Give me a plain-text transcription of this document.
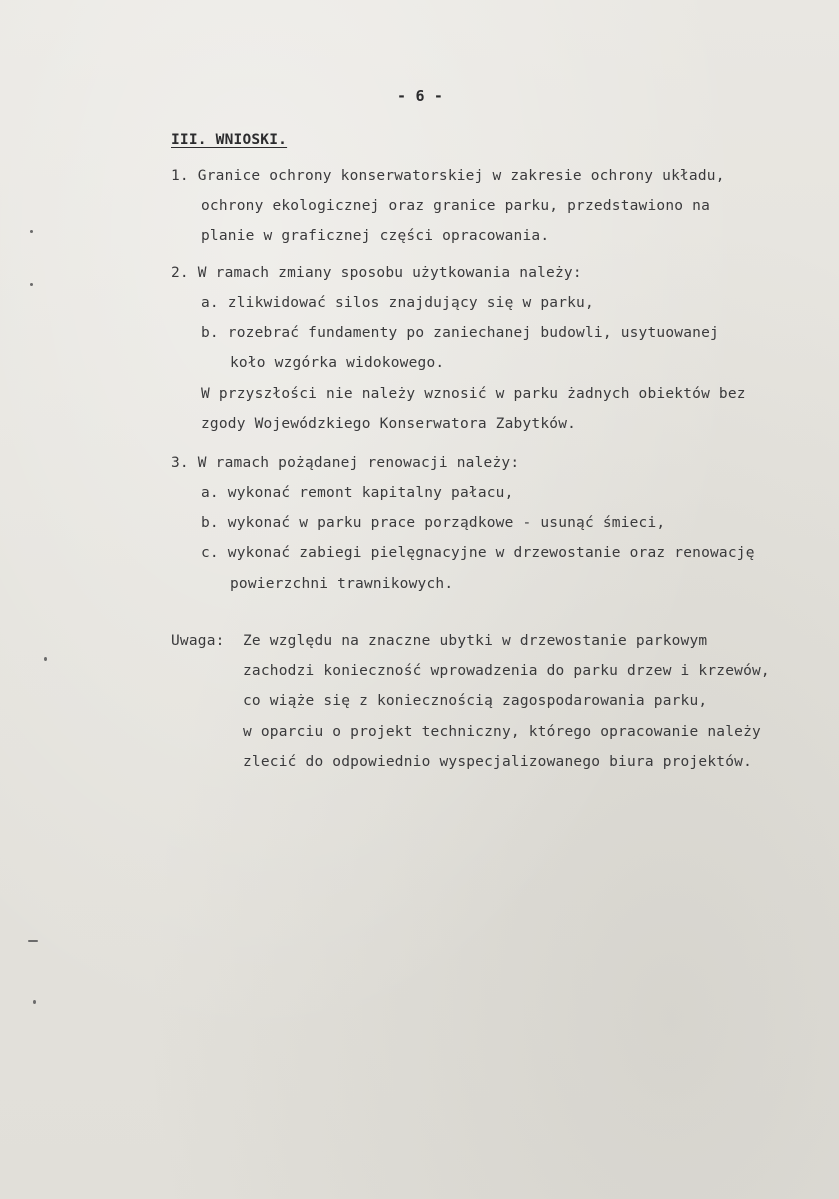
- 6 -
III. WNIOSKI.
1. Granice ochrony konserwatorskiej w zakresie ochrony układu,
ochrony ekologicznej oraz granice parku, przedstawiono na
planie w graficznej części opracowania.
2. W ramach zmiany sposobu użytkowania należy:
a. zlikwidować silos znajdujący się w parku,
b. rozebrać fundamenty po zaniechanej budowli, usytuowanej
koło wzgórka widokowego.
W przyszłości nie należy wznosić w parku żadnych obiektów bez
zgody Wojewódzkiego Konserwatora Zabytków.
3. W ramach pożądanej renowacji należy:
a. wykonać remont kapitalny pałacu,
b. wykonać w parku prace porządkowe - usunąć śmieci,
c. wykonać zabiegi pielęgnacyjne w drzewostanie oraz renowację
powierzchni trawnikowych.
Uwaga: Ze względu na znaczne ubytki w drzewostanie parkowym
zachodzi konieczność wprowadzenia do parku drzew i krzewów,
co wiąże się z koniecznością zagospodarowania parku,
w oparciu o projekt techniczny, którego opracowanie należy
zlecić do odpowiednio wyspecjalizowanego biura projektów.
